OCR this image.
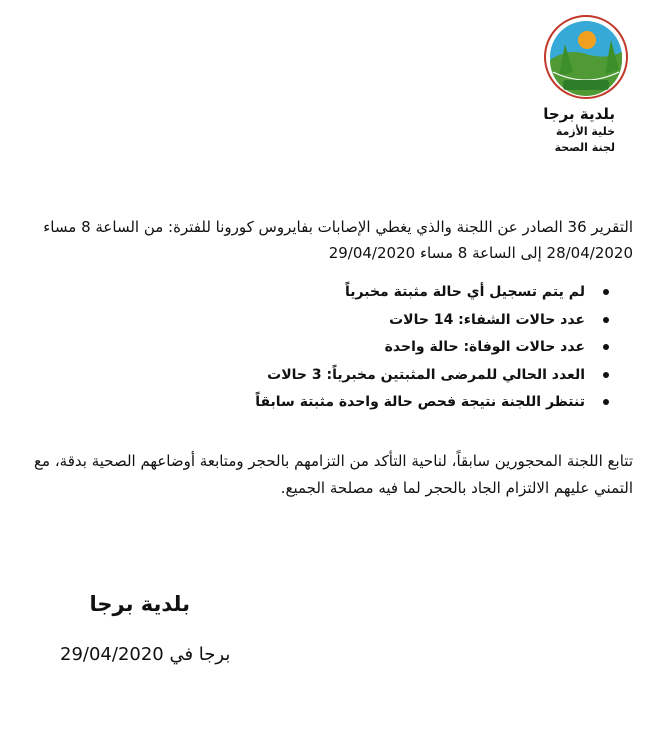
بلدية برجا
خلية الأزمة
لجنة الصحة
التقرير 36 الصادر عن اللجنة والذي يغطي الإصابات بفايروس كورونا للفترة: من الساعة 8 مساء 28/04/2020 إلى الساعة 8 مساء 29/04/2020
لم يتم تسجيل أي حالة مثبتة مخبرياً
عدد حالات الشفاء: 14 حالات
عدد حالات الوفاة: حالة واحدة
العدد الحالي للمرضى المثبتين مخبرياً: 3 حالات
تنتظر اللجنة نتيجة فحص حالة واحدة مثبتة سابقاً
تتابع اللجنة المحجورين سابقاً، لناحية التأكد من التزامهم بالحجر ومتابعة أوضاعهم الصحية بدقة، مع التمني عليهم الالتزام الجاد بالحجر لما فيه مصلحة الجميع.
بلدية برجا
برجا في 29/04/2020
